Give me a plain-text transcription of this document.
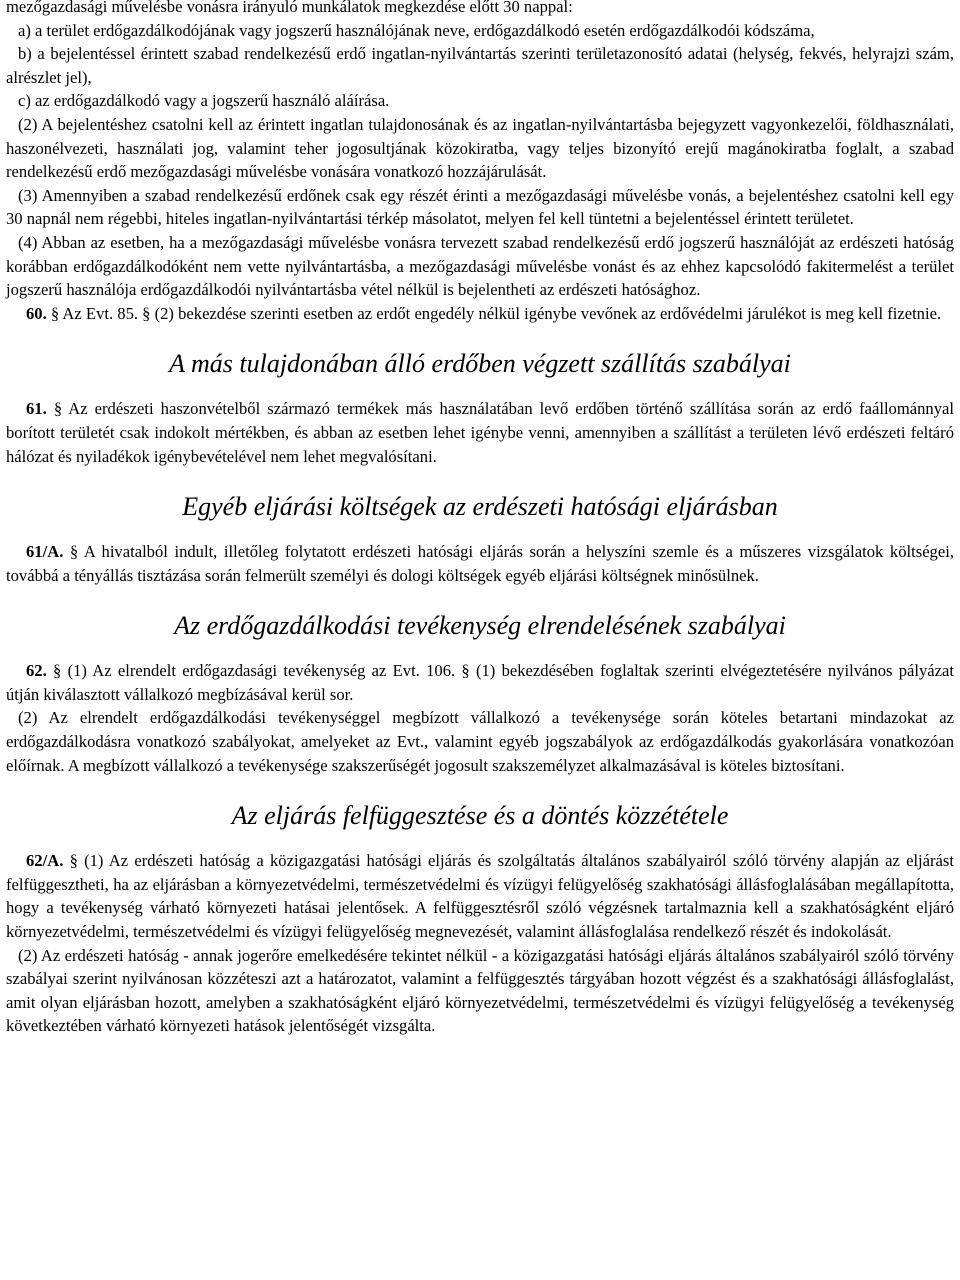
mezőgazdasági művelésbe vonásra irányuló munkálatok megkezdése előtt 30 nappal:

a) a terület erdőgazdálkodójának vagy jogszerű használójának neve, erdőgazdálkodó esetén erdőgazdálkodói kódszáma,

b) a bejelentéssel érintett szabad rendelkezésű erdő ingatlan-nyilvántartás szerinti területazonosító adatai (helység, fekvés, helyrajzi szám, alrészlet jel),

c) az erdőgazdálkodó vagy a jogszerű használó aláírása.

(2) A bejelentéshez csatolni kell az érintett ingatlan tulajdonosának és az ingatlan-nyilvántartásba bejegyzett vagyonkezelői, földhasználati, haszonélvezeti, használati jog, valamint teher jogosultjának közokiratba, vagy teljes bizonyító erejű magánokiratba foglalt, a szabad rendelkezésű erdő mezőgazdasági művelésbe vonására vonatkozó hozzájárulását.

(3) Amennyiben a szabad rendelkezésű erdőnek csak egy részét érinti a mezőgazdasági művelésbe vonás, a bejelentéshez csatolni kell egy 30 napnál nem régebbi, hiteles ingatlan-nyilvántartási térkép másolatot, melyen fel kell tüntetni a bejelentéssel érintett területet.

(4) Abban az esetben, ha a mezőgazdasági művelésbe vonásra tervezett szabad rendelkezésű erdő jogszerű használóját az erdészeti hatóság korábban erdőgazdálkodóként nem vette nyilvántartásba, a mezőgazdasági művelésbe vonást és az ehhez kapcsolódó fakitermelést a terület jogszerű használója erdőgazdálkodói nyilvántartásba vétel nélkül is bejelentheti az erdészeti hatósághoz.

60. § Az Evt. 85. § (2) bekezdése szerinti esetben az erdőt engedély nélkül igénybe vevőnek az erdővédelmi járulékot is meg kell fizetnie.

A más tulajdonában álló erdőben végzett szállítás szabályai

61. § Az erdészeti haszonvételből származó termékek más használatában levő erdőben történő szállítása során az erdő faállománnyal borított területét csak indokolt mértékben, és abban az esetben lehet igénybe venni, amennyiben a szállítást a területen lévő erdészeti feltáró hálózat és nyiladékok igénybevételével nem lehet megvalósítani.

Egyéb eljárási költségek az erdészeti hatósági eljárásban

61/A. § A hivatalból indult, illetőleg folytatott erdészeti hatósági eljárás során a helyszíni szemle és a műszeres vizsgálatok költségei, továbbá a tényállás tisztázása során felmerült személyi és dologi költségek egyéb eljárási költségnek minősülnek.

Az erdőgazdálkodási tevékenység elrendelésének szabályai

62. § (1) Az elrendelt erdőgazdasági tevékenység az Evt. 106. § (1) bekezdésében foglaltak szerinti elvégeztetésére nyilvános pályázat útján kiválasztott vállalkozó megbízásával kerül sor.

(2) Az elrendelt erdőgazdálkodási tevékenységgel megbízott vállalkozó a tevékenysége során köteles betartani mindazokat az erdőgazdálkodásra vonatkozó szabályokat, amelyeket az Evt., valamint egyéb jogszabályok az erdőgazdálkodás gyakorlására vonatkozóan előírnak. A megbízott vállalkozó a tevékenysége szakszerűségét jogosult szakszemélyzet alkalmazásával is köteles biztosítani.

Az eljárás felfüggesztése és a döntés közzététele

62/A. § (1) Az erdészeti hatóság a közigazgatási hatósági eljárás és szolgáltatás általános szabályairól szóló törvény alapján az eljárást felfüggesztheti, ha az eljárásban a környezetvédelmi, természetvédelmi és vízügyi felügyelőség szakhatósági állásfoglalásában megállapította, hogy a tevékenység várható környezeti hatásai jelentősek. A felfüggesztésről szóló végzésnek tartalmaznia kell a szakhatóságként eljáró környezetvédelmi, természetvédelmi és vízügyi felügyelőség megnevezését, valamint állásfoglalása rendelkező részét és indokolását.

(2) Az erdészeti hatóság - annak jogerőre emelkedésére tekintet nélkül - a közigazgatási hatósági eljárás általános szabályairól szóló törvény szabályai szerint nyilvánosan közzéteszi azt a határozatot, valamint a felfüggesztés tárgyában hozott végzést és a szakhatósági állásfoglalást, amit olyan eljárásban hozott, amelyben a szakhatóságként eljáró környezetvédelmi, természetvédelmi és vízügyi felügyelőség a tevékenység következtében várható környezeti hatások jelentőségét vizsgálta.
